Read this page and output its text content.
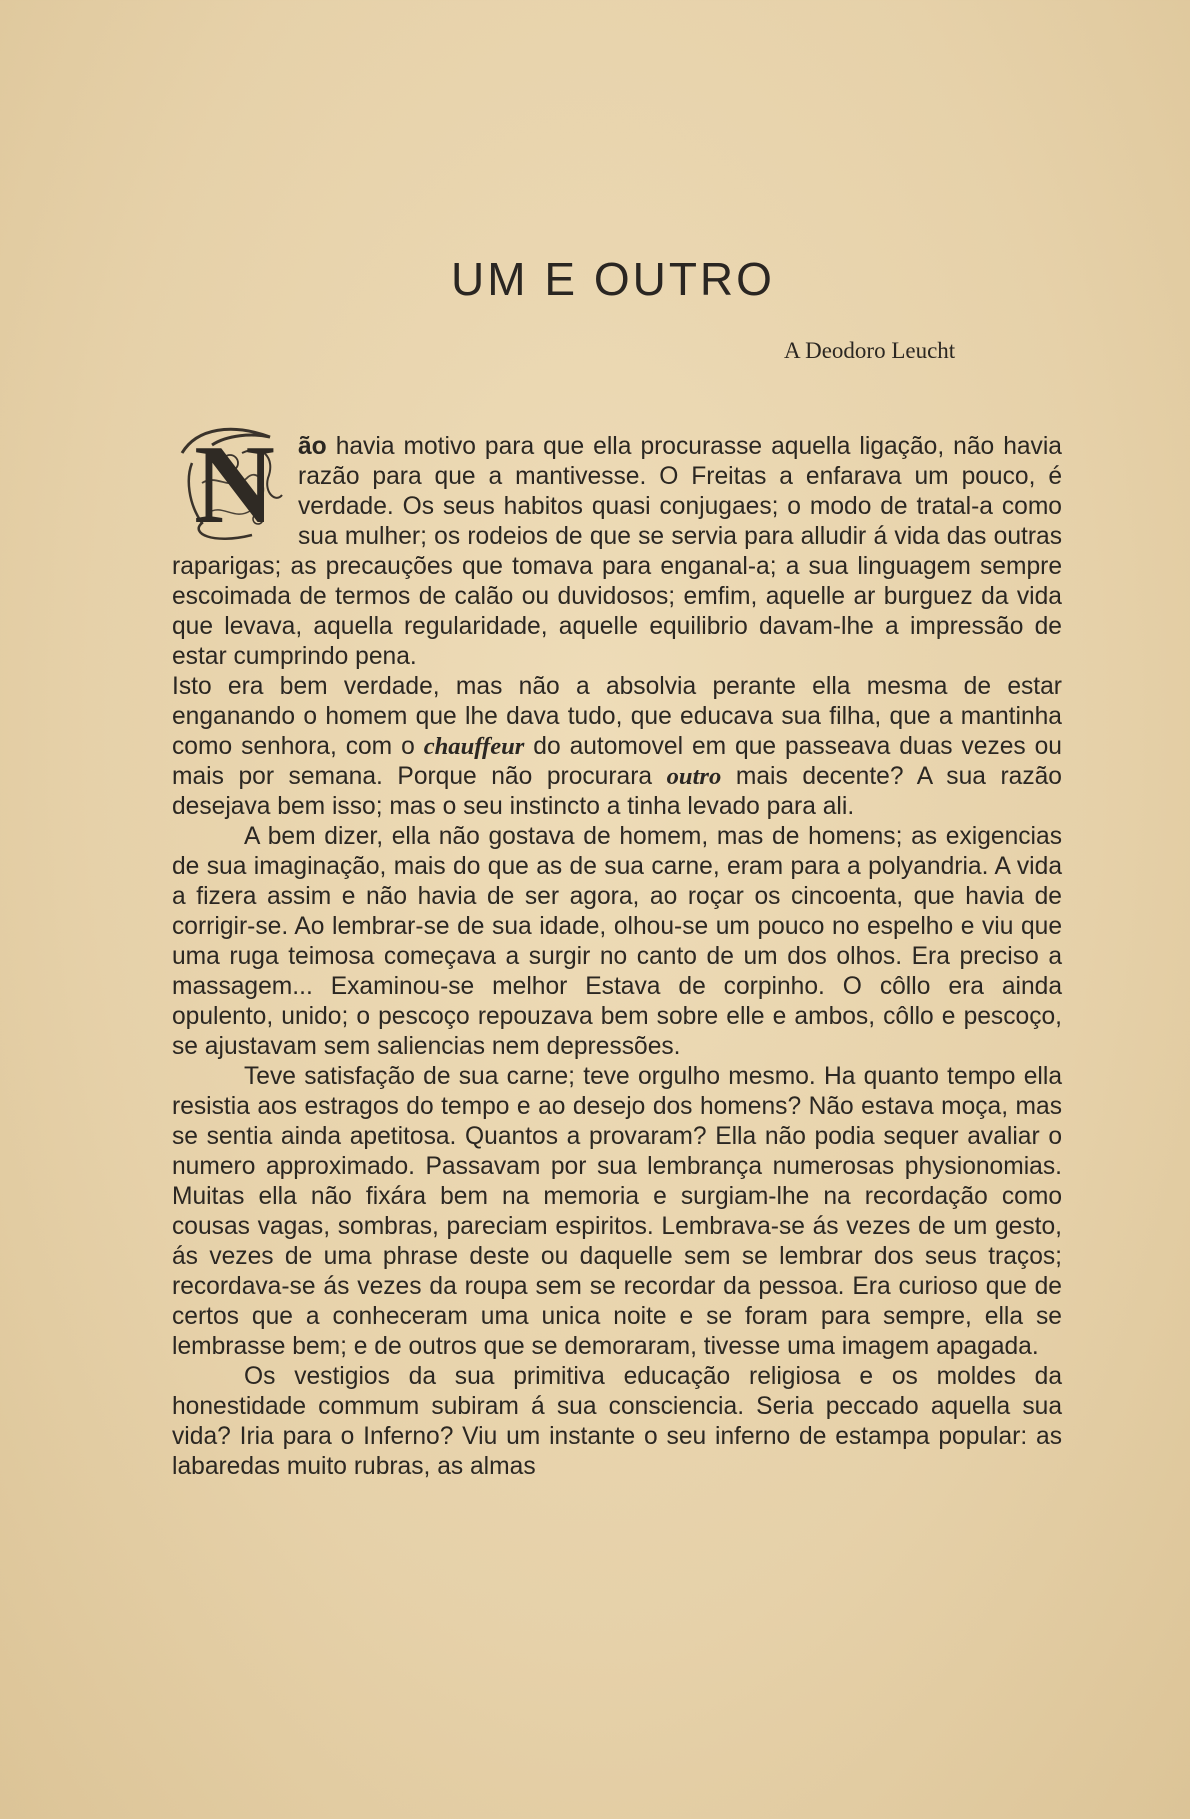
UM E OUTRO

A Deodoro Leucht

N ão havia motivo para que ella procurasse aquella ligação, não havia razão para que a mantivesse. O Freitas a enfarava um pouco, é verdade. Os seus habitos quasi conjugaes; o modo de tratal-a como sua mulher; os rodeios de que se servia para alludir á vida das outras raparigas; as precauções que tomava para enganal-a; a sua linguagem sempre escoimada de termos de calão ou duvidosos; emfim, aquelle ar burguez da vida que levava, aquella regularidade, aquelle equilibrio davam-lhe a impressão de estar cumprindo pena.

Isto era bem verdade, mas não a absolvia perante ella mesma de estar enganando o homem que lhe dava tudo, que educava sua filha, que a mantinha como senhora, com o chauffeur do automovel em que passeava duas vezes ou mais por semana. Porque não procurara outro mais decente? A sua razão desejava bem isso; mas o seu instincto a tinha levado para ali.

A bem dizer, ella não gostava de homem, mas de homens; as exigencias de sua imaginação, mais do que as de sua carne, eram para a polyandria. A vida a fizera assim e não havia de ser agora, ao roçar os cincoenta, que havia de corrigir-se. Ao lembrar-se de sua idade, olhou-se um pouco no espelho e viu que uma ruga teimosa começava a surgir no canto de um dos olhos. Era preciso a massagem... Examinou-se melhor Estava de corpinho. O côllo era ainda opulento, unido; o pescoço repouzava bem sobre elle e ambos, côllo e pescoço, se ajustavam sem saliencias nem depressões.

Teve satisfação de sua carne; teve orgulho mesmo. Ha quanto tempo ella resistia aos estragos do tempo e ao desejo dos homens? Não estava moça, mas se sentia ainda apetitosa. Quantos a provaram? Ella não podia sequer avaliar o numero approximado. Passavam por sua lembrança numerosas physionomias. Muitas ella não fixára bem na memoria e surgiam-lhe na recordação como cousas vagas, sombras, pareciam espiritos. Lembrava-se ás vezes de um gesto, ás vezes de uma phrase deste ou daquelle sem se lembrar dos seus traços; recordava-se ás vezes da roupa sem se recordar da pessoa. Era curioso que de certos que a conheceram uma unica noite e se foram para sempre, ella se lembrasse bem; e de outros que se demoraram, tivesse uma imagem apagada.

Os vestigios da sua primitiva educação religiosa e os moldes da honestidade commum subiram á sua consciencia. Seria peccado aquella sua vida? Iria para o Inferno? Viu um instante o seu inferno de estampa popular: as labaredas muito rubras, as almas
